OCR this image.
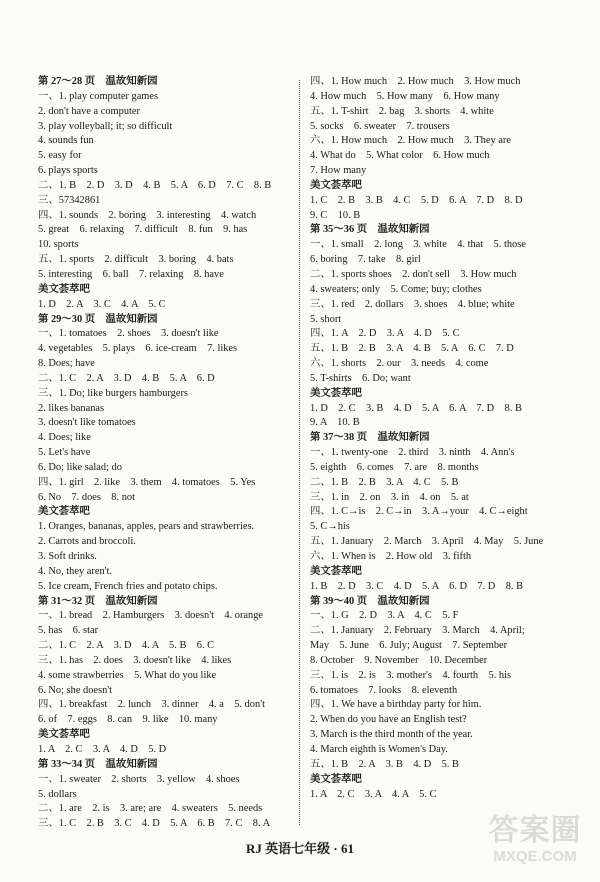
第 27～28 页　温故知新园
一、1. play computer games
2. don't have a computer
3. play volleyball; it; so difficult
4. sounds fun
5. easy for
6. plays sports
二、1. B　2. D　3. D　4. B　5. A　6. D　7. C　8. B
三、57342861
四、1. sounds　2. boring　3. interesting　4. watch
5. great　6. relaxing　7. difficult　8. fun　9. has
10. sports
五、1. sports　2. difficult　3. boring　4. bats
5. interesting　6. ball　7. relaxing　8. have
美文荟萃吧
1. D　2. A　3. C　4. A　5. C
第 29～30 页　温故知新园
一、1. tomatoes　2. shoes　3. doesn't like
4. vegetables　5. plays　6. ice-cream　7. likes
8. Does; have
二、1. C　2. A　3. D　4. B　5. A　6. D
三、1. Do; like burgers hamburgers
2. likes bananas
3. doesn't like tomatoes
4. Does; like
5. Let's have
6. Do; like salad; do
四、1. girl　2. like　3. them　4. tomatoes　5. Yes
6. No　7. does　8. not
美文荟萃吧
1. Oranges, bananas, apples, pears and strawberries.
2. Carrots and broccoli.
3. Soft drinks.
4. No, they aren't.
5. Ice cream, French fries and potato chips.
第 31～32 页　温故知新园
一、1. bread　2. Hamburgers　3. doesn't　4. orange
5. has　6. star
二、1. C　2. A　3. D　4. A　5. B　6. C
三、1. has　2. does　3. doesn't like　4. likes
4. some strawberries　5. What do you like
6. No; she doesn't
四、1. breakfast　2. lunch　3. dinner　4. a　5. don't
6. of　7. eggs　8. can　9. like　10. many
美文荟萃吧
1. A　2. C　3. A　4. D　5. D
第 33～34 页　温故知新园
一、1. sweater　2. shorts　3. yellow　4. shoes
5. dollars
二、1. are　2. is　3. are; are　4. sweaters　5. needs
三、1. C　2. B　3. C　4. D　5. A　6. B　7. C　8. A
四、1. How much　2. How much　3. How much
4. How much　5. How many　6. How many
五、1. T-shirt　2. bag　3. shorts　4. white
5. socks　6. sweater　7. trousers
六、1. How much　2. How much　3. They are
4. What do　5. What color　6. How much
7. How many
美文荟萃吧
1. C　2. B　3. B　4. C　5. D　6. A　7. D　8. D
9. C　10. B
第 35～36 页　温故知新园
一、1. small　2. long　3. white　4. that　5. those
6. boring　7. take　8. girl
二、1. sports shoes　2. don't sell　3. How much
4. sweaters; only　5. Come; buy; clothes
三、1. red　2. dollars　3. shoes　4. blue; white
5. short
四、1. A　2. D　3. A　4. D　5. C
五、1. B　2. B　3. A　4. B　5. A　6. C　7. D
六、1. shorts　2. our　3. needs　4. come
5. T-shirts　6. Do; want
美文荟萃吧
1. D　2. C　3. B　4. D　5. A　6. A　7. D　8. B
9. A　10. B
第 37～38 页　温故知新园
一、1. twenty-one　2. third　3. ninth　4. Ann's
5. eighth　6. comes　7. are　8. months
二、1. B　2. B　3. A　4. C　5. B
三、1. in　2. on　3. in　4. on　5. at
四、1. C→is　2. C→in　3. A→your　4. C→eight
5. C→his
五、1. January　2. March　3. April　4. May　5. June
六、1. When is　2. How old　3. fifth
美文荟萃吧
1. B　2. D　3. C　4. D　5. A　6. D　7. D　8. B
第 39～40 页　温故知新园
一、1. G　2. D　3. A　4. C　5. F
二、1. January　2. February　3. March　4. April;
May　5. June　6. July; August　7. September
8. October　9. November　10. December
三、1. is　2. is　3. mother's　4. fourth　5. his
6. tomatoes　7. looks　8. eleventh
四、1. We have a birthday party for him.
2. When do you have an English test?
3. March is the third month of the year.
4. March eighth is Women's Day.
五、1. B　2. A　3. B　4. D　5. B
美文荟萃吧
1. A　2. C　3. A　4. A　5. C
RJ 英语七年级 · 61
答案圈
MXQE.COM
